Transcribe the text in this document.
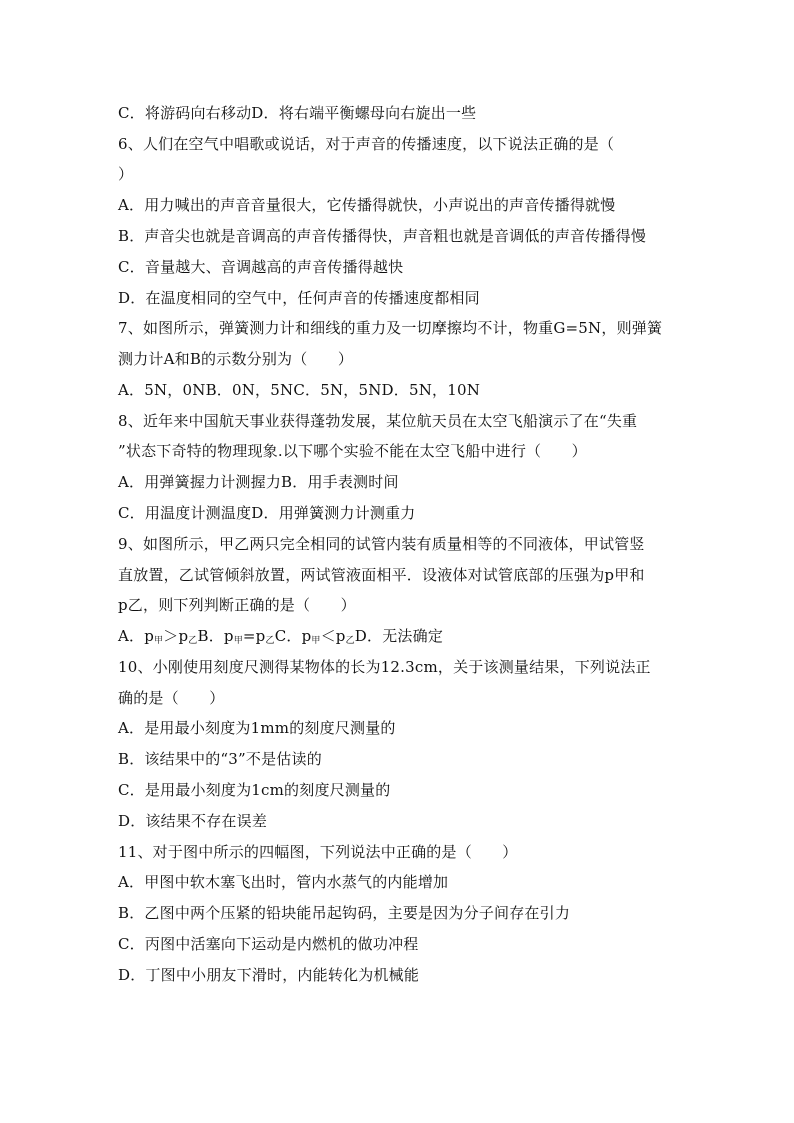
C．将游码向右移动D．将右端平衡螺母向右旋出一些
6、人们在空气中唱歌或说话，对于声音的传播速度，以下说法正确的是（
）
A．用力喊出的声音音量很大，它传播得就快，小声说出的声音传播得就慢
B．声音尖也就是音调高的声音传播得快，声音粗也就是音调低的声音传播得慢
C．音量越大、音调越高的声音传播得越快
D．在温度相同的空气中，任何声音的传播速度都相同
7、如图所示，弹簧测力计和细线的重力及一切摩擦均不计，物重G=5N，则弹簧
测力计A和B的示数分别为（　　）
A．5N，0NB．0N，5NC．5N，5ND．5N，10N
8、近年来中国航天事业获得蓬勃发展，某位航天员在太空飞船演示了在“失重
”状态下奇特的物理现象.以下哪个实验不能在太空飞船中进行（　　）
A．用弹簧握力计测握力B．用手表测时间
C．用温度计测温度D．用弹簧测力计测重力
9、如图所示，甲乙两只完全相同的试管内装有质量相等的不同液体，甲试管竖
直放置，乙试管倾斜放置，两试管液面相平．设液体对试管底部的压强为p甲和
p乙，则下列判断正确的是（　　）
A．$p_甲>p_乙B$．$p_甲=p_乙C$．$p_甲<p_乙D$．无法确定
10、小刚使用刻度尺测得某物体的长为12.3cm，关于该测量结果，下列说法正
确的是（　　）
A．是用最小刻度为1mm的刻度尺测量的
B．该结果中的“3”不是估读的
C．是用最小刻度为1cm的刻度尺测量的
D．该结果不存在误差
11、对于图中所示的四幅图，下列说法中正确的是（　　）
A．甲图中软木塞飞出时，管内水蒸气的内能增加
B．乙图中两个压紧的铅块能吊起钩码，主要是因为分子间存在引力
C．丙图中活塞向下运动是内燃机的做功冲程
D．丁图中小朋友下滑时，内能转化为机械能
